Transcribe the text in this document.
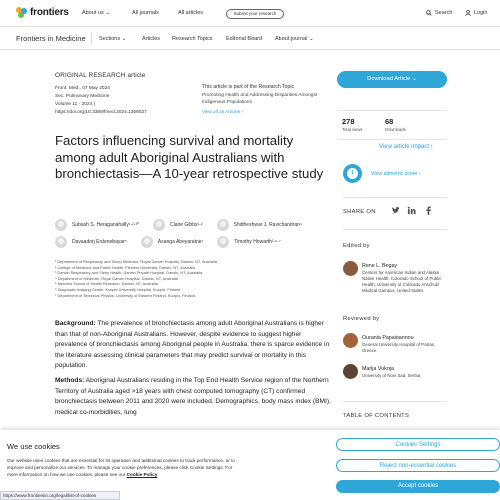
frontiers About us ⌄	All journals	All articles	Submit your research	Search	Login
Frontiers in Medicine Sections ⌄	Articles Research Topics Editorial Board About journal ⌄
ORIGINAL RESEARCH article
Front. Med., 07 May 2024
Sec. Pulmonary Medicine
Volume 11 - 2024 |
https://doi.org/10.3389/fmed.2024.1366037
This article is part of the Research Topic
Promoting Health and Addressing Disparities Amongst Indigenous Populations
View all 16 Articles ›
Factors influencing survival and mortality among adult Aboriginal Australians with bronchiectasis—A 10-year retrospective study
Subash S. Heraganahally¹·²·³*	Claire Gibbs¹·²	Shidheshwar J. Ravichandran⁴
Davaadorj Erdenebayar⁵	Asanga Abeyaratne¹	Timothy Howarth²·⁶·⁷
¹ Department of Respiratory and Sleep Medicine, Royal Darwin Hospital, Darwin, NT, Australia
² College of Medicine and Public Health, Flinders University, Darwin, NT, Australia
³ Darwin Respiratory and Sleep Health, Darwin Private Hospital, Darwin, NT, Australia
⁴ Department of Medicine, Royal Darwin Hospital, Darwin, NT, Australia
⁵ Menzies School of Health Research, Darwin, NT, Australia
⁶ Diagnostic Imaging Center, Kuopio University Hospital, Kuopio, Finland
⁷ Department of Technical Physics, University of Eastern Finland, Kuopio, Finland

Background: The prevalence of bronchiectasis among adult Aboriginal Australians is higher than that of non-Aboriginal Australians. However, despite evidence to suggest higher prevalence of bronchiectasis among Aboriginal people in Australia, there is sparce evidence in the literature assessing clinical parameters that may predict survival or mortality in this population.

Methods: Aboriginal Australians residing in the Top End Health Service region of the Northern Territory of Australia aged >18 years with chest computed tomography (CT) confirmed bronchiectasis between 2011 and 2020 were included. Demographics, body mass index (BMI), medical co-morbidities, lung

Download Article ⌄
278
Total views
68
Downloads
View article impact ›
1	View altmetric score ›
SHARE ON
Edited by
Rene L. Begay
Centers for American Indian and Alaska Native Health, Colorado School of Public Health, University of Colorado Anschutz Medical Campus, United States
Reviewed by
Ourania Papaioannou
General University Hospital of Patras, Greece
Marija Vukoja
University of Novi Sad, Serbia
TABLE OF CONTENTS
We use cookies
Our website uses cookies that are essential for its operation and additional cookies to track performance, or to improve and personalize our services. To manage your cookie preferences, please click Cookie Settings. For more information on how we use cookies, please see our Cookie Policy
Cookies Settings
Reject non-essential cookies
Accept cookies
https://www.frontiersin.org/legal/list-of-cookies
